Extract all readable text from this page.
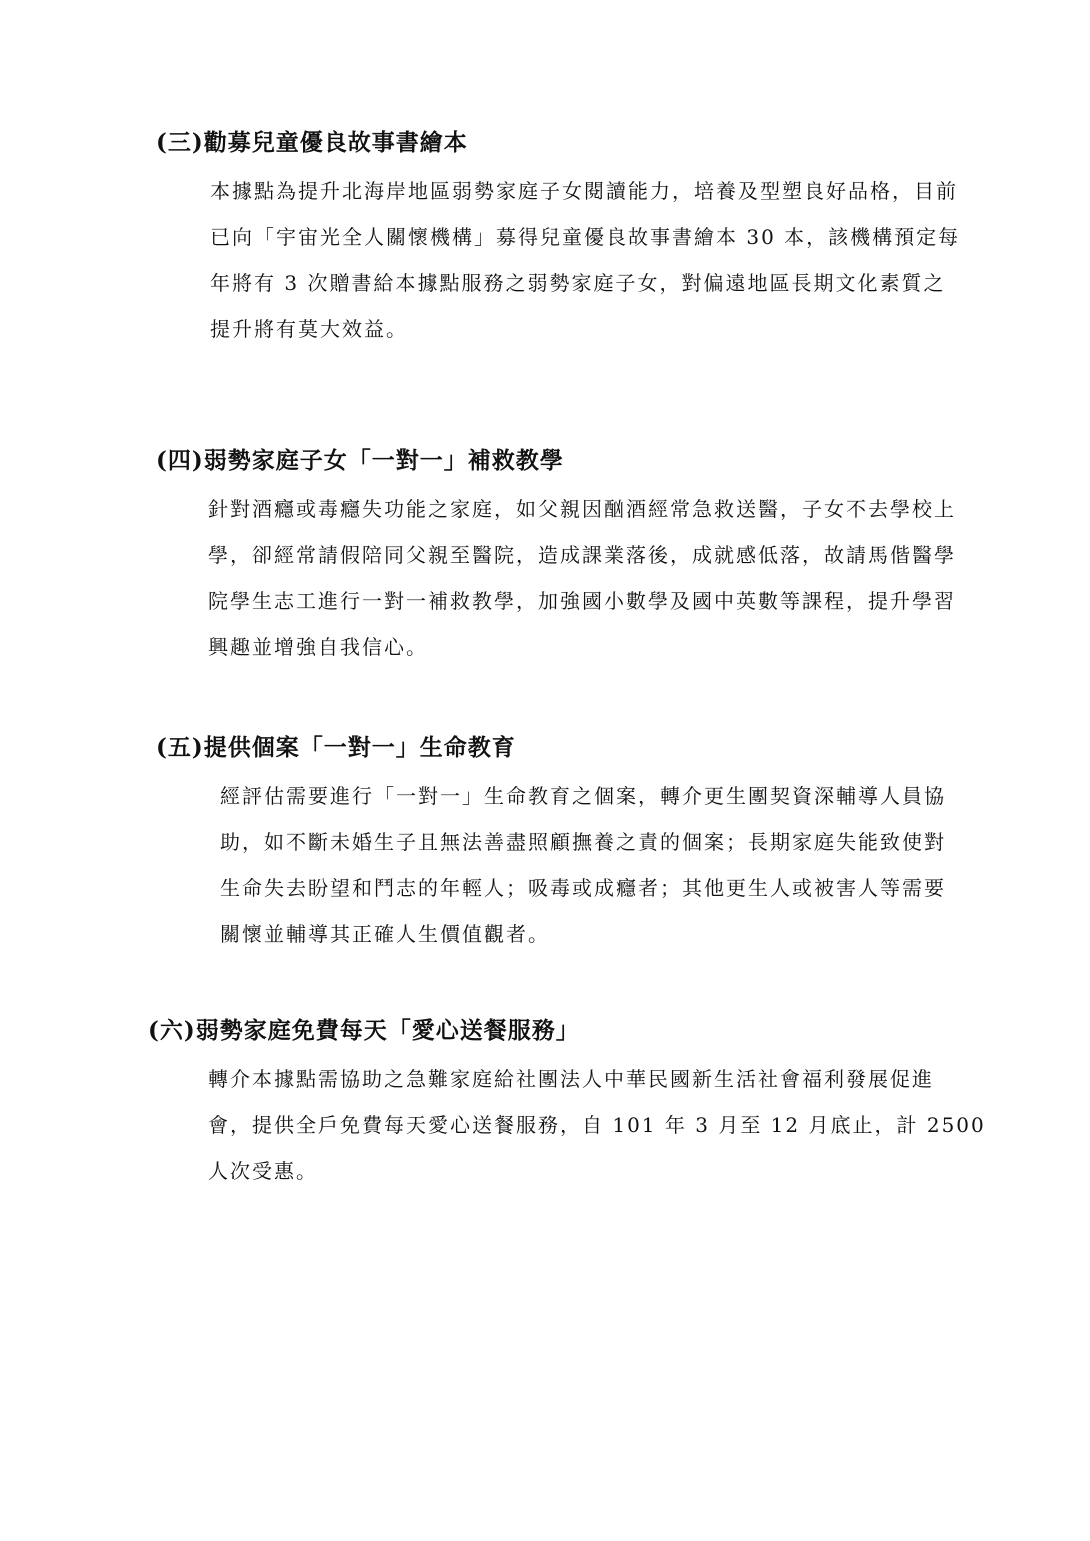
(三)勸募兒童優良故事書繪本

本據點為提升北海岸地區弱勢家庭子女閱讀能力，培養及型塑良好品格，目前
已向「宇宙光全人關懷機構」募得兒童優良故事書繪本 30 本，該機構預定每
年將有 3 次贈書給本據點服務之弱勢家庭子女，對偏遠地區長期文化素質之
提升將有莫大效益。

(四)弱勢家庭子女「一對一」補救教學

針對酒癮或毒癮失功能之家庭，如父親因酗酒經常急救送醫，子女不去學校上
學，卻經常請假陪同父親至醫院，造成課業落後，成就感低落，故請馬偕醫學
院學生志工進行一對一補救教學，加強國小數學及國中英數等課程，提升學習
興趣並增強自我信心。

(五)提供個案「一對一」生命教育

經評估需要進行「一對一」生命教育之個案，轉介更生團契資深輔導人員協
助，如不斷未婚生子且無法善盡照顧撫養之責的個案；長期家庭失能致使對
生命失去盼望和鬥志的年輕人；吸毒或成癮者；其他更生人或被害人等需要
關懷並輔導其正確人生價值觀者。

(六)弱勢家庭免費每天「愛心送餐服務」

轉介本據點需協助之急難家庭給社團法人中華民國新生活社會福利發展促進
會，提供全戶免費每天愛心送餐服務，自 101 年 3 月至 12 月底止，計 2500
人次受惠。
